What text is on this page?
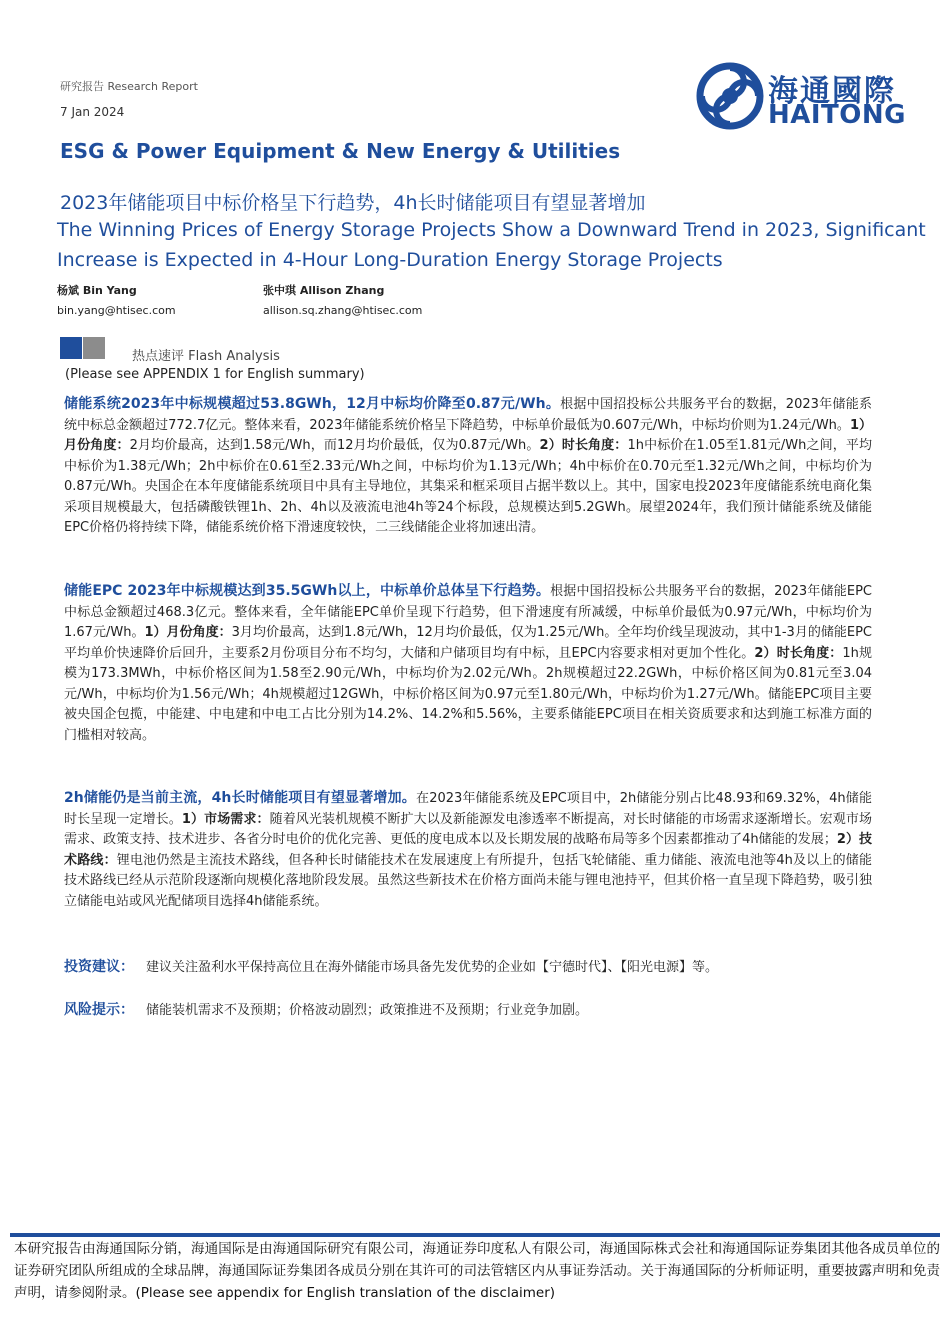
研究报告 Research Report
7 Jan 2024
海通國際
HAITONG
ESG & Power Equipment & New Energy & Utilities
2023年储能项目中标价格呈下行趋势，4h长时储能项目有望显著增加
The Winning Prices of Energy Storage Projects Show a Downward Trend in 2023, Significant
Increase is Expected in 4-Hour Long-Duration Energy Storage Projects
杨斌 Bin Yang
bin.yang@htisec.com
张中琪 Allison Zhang
allison.sq.zhang@htisec.com
热点速评 Flash Analysis
(Please see APPENDIX 1 for English summary)

储能系统2023年中标规模超过53.8GWh，12月中标均价降至0.87元/Wh。根据中国招投标公共服务平台的数据，2023年储能系统中标总金额超过772.7亿元。整体来看，2023年储能系统价格呈下降趋势，中标单价最低为0.607元/Wh，中标均价则为1.24元/Wh。1）月份角度：2月均价最高，达到1.58元/Wh，而12月均价最低，仅为0.87元/Wh。2）时长角度：1h中标价在1.05至1.81元/Wh之间，平均中标价为1.38元/Wh；2h中标价在0.61至2.33元/Wh之间，中标均价为1.13元/Wh；4h中标价在0.70元至1.32元/Wh之间，中标均价为0.87元/Wh。央国企在本年度储能系统项目中具有主导地位，其集采和框采项目占据半数以上。其中，国家电投2023年度储能系统电商化集采项目规模最大，包括磷酸铁锂1h、2h、4h以及液流电池4h等24个标段，总规模达到5.2GWh。展望2024年，我们预计储能系统及储能EPC价格仍将持续下降，储能系统价格下滑速度较快，二三线储能企业将加速出清。

储能EPC 2023年中标规模达到35.5GWh以上，中标单价总体呈下行趋势。根据中国招投标公共服务平台的数据，2023年储能EPC中标总金额超过468.3亿元。整体来看，全年储能EPC单价呈现下行趋势，但下滑速度有所减缓，中标单价最低为0.97元/Wh，中标均价为1.67元/Wh。1）月份角度：3月均价最高，达到1.8元/Wh，12月均价最低，仅为1.25元/Wh。全年均价线呈现波动，其中1-3月的储能EPC平均单价快速降价后回升，主要系2月份项目分布不均匀，大储和户储项目均有中标，且EPC内容要求相对更加个性化。2）时长角度：1h规模为173.3MWh，中标价格区间为1.58至2.90元/Wh，中标均价为2.02元/Wh。2h规模超过22.2GWh，中标价格区间为0.81元至3.04元/Wh，中标均价为1.56元/Wh；4h规模超过12GWh，中标价格区间为0.97元至1.80元/Wh，中标均价为1.27元/Wh。储能EPC项目主要被央国企包揽，中能建、中电建和中电工占比分别为14.2%、14.2%和5.56%，主要系储能EPC项目在相关资质要求和达到施工标准方面的门槛相对较高。

2h储能仍是当前主流，4h长时储能项目有望显著增加。在2023年储能系统及EPC项目中，2h储能分别占比48.93和69.32%，4h储能时长呈现一定增长。1）市场需求：随着风光装机规模不断扩大以及新能源发电渗透率不断提高，对长时储能的市场需求逐渐增长。宏观市场需求、政策支持、技术进步、各省分时电价的优化完善、更低的度电成本以及长期发展的战略布局等多个因素都推动了4h储能的发展；2）技术路线：锂电池仍然是主流技术路线，但各种长时储能技术在发展速度上有所提升，包括飞轮储能、重力储能、液流电池等4h及以上的储能技术路线已经从示范阶段逐渐向规模化落地阶段发展。虽然这些新技术在价格方面尚未能与锂电池持平，但其价格一直呈现下降趋势，吸引独立储能电站或风光配储项目选择4h储能系统。

投资建议： 建议关注盈利水平保持高位且在海外储能市场具备先发优势的企业如【宁德时代】、【阳光电源】等。
风险提示： 储能装机需求不及预期；价格波动剧烈；政策推进不及预期；行业竞争加剧。
本研究报告由海通国际分销，海通国际是由海通国际研究有限公司，海通证券印度私人有限公司，海通国际株式会社和海通国际证券集团其他各成员单位的证券研究团队所组成的全球品牌，海通国际证券集团各成员分别在其许可的司法管辖区内从事证券活动。关于海通国际的分析师证明，重要披露声明和免责声明，请参阅附录。(Please see appendix for English translation of the disclaimer)
